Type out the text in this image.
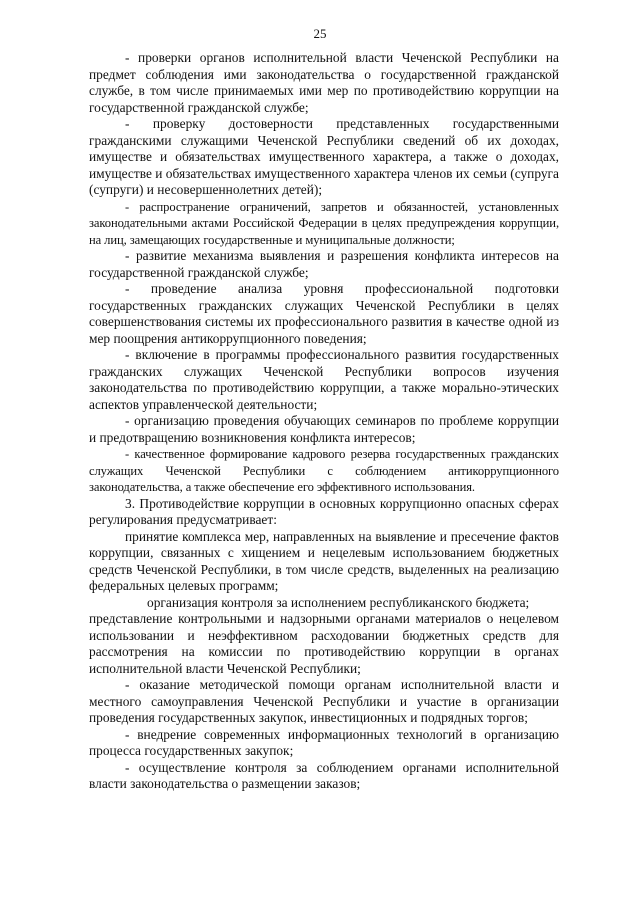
25

- проверки органов исполнительной власти Чеченской Республики на предмет соблюдения ими законодательства о государственной гражданской службе, в том числе принимаемых ими мер по противодействию коррупции на государственной гражданской службе;

- проверку достоверности представленных государственными гражданскими служащими Чеченской Республики сведений об их доходах, имуществе и обязательствах имущественного характера, а также о доходах, имуществе и обязательствах имущественного характера членов их семьи (супруга (супруги) и несовершеннолетних детей);

- распространение ограничений, запретов и обязанностей, установленных законодательными актами Российской Федерации в целях предупреждения коррупции, на лиц, замещающих государственные и муниципальные должности;

- развитие механизма выявления и разрешения конфликта интересов на государственной гражданской службе;

- проведение анализа уровня профессиональной подготовки государственных гражданских служащих Чеченской Республики в целях совершенствования системы их профессионального развития в качестве одной из мер поощрения антикоррупционного поведения;

- включение в программы профессионального развития государственных гражданских служащих Чеченской Республики вопросов изучения законодательства по противодействию коррупции, а также морально-этических аспектов управленческой деятельности;

- организацию проведения обучающих семинаров по проблеме коррупции и предотвращению возникновения конфликта интересов;

- качественное формирование кадрового резерва государственных гражданских служащих Чеченской Республики с соблюдением антикоррупционного законодательства, а также обеспечение его эффективного использования.

3. Противодействие коррупции в основных коррупционно опасных сферах регулирования предусматривает:

принятие комплекса мер, направленных на выявление и пресечение фактов коррупции, связанных с хищением и нецелевым использованием бюджетных средств Чеченской Республики, в том числе средств, выделенных на реализацию федеральных целевых программ;

организация контроля за исполнением республиканского бюджета;

представление контрольными и надзорными органами материалов о нецелевом использовании и неэффективном расходовании бюджетных средств для рассмотрения на комиссии по противодействию коррупции в органах исполнительной власти Чеченской Республики;

- оказание методической помощи органам исполнительной власти и местного самоуправления Чеченской Республики и участие в организации проведения государственных закупок, инвестиционных и подрядных торгов;

- внедрение современных информационных технологий в организацию процесса государственных закупок;

- осуществление контроля за соблюдением органами исполнительной власти законодательства о размещении заказов;
